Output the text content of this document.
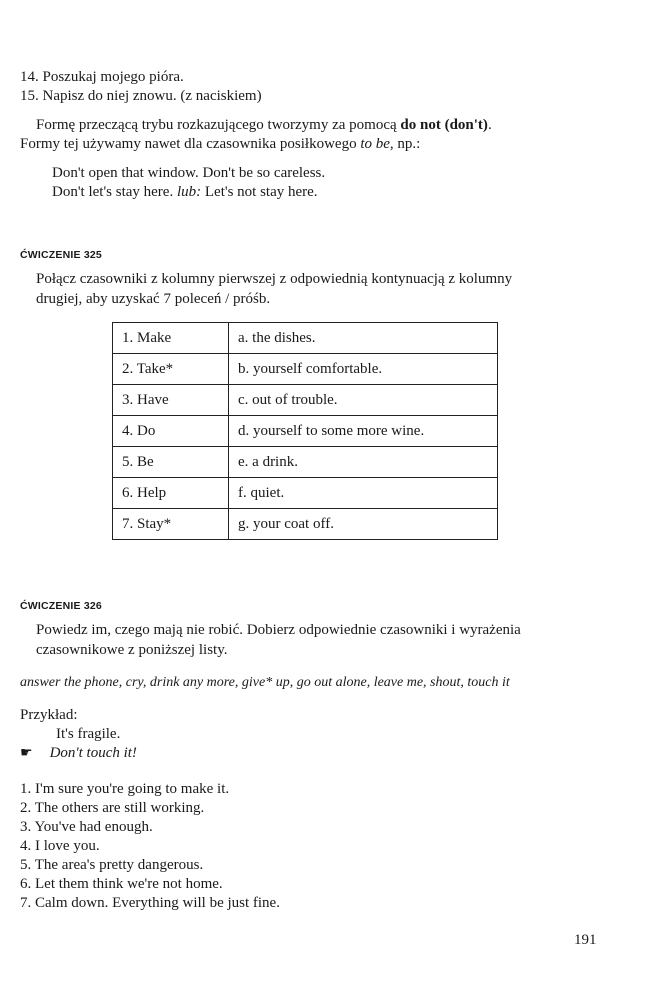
14. Poszukaj mojego pióra.
15. Napisz do niej znowu. (z naciskiem)
Formę przeczącą trybu rozkazującego tworzymy za pomocą do not (don't).
Formy tej używamy nawet dla czasownika posiłkowego to be, np.:
Don't open that window. Don't be so careless.
Don't let's stay here. lub: Let's not stay here.
ĆWICZENIE 325
Połącz czasowniki z kolumny pierwszej z odpowiednią kontynuacją z kolumny
drugiej, aby uzyskać 7 poleceń / próśb.
1. Make	a. the dishes.
2. Take*	b. yourself comfortable.
3. Have	c. out of trouble.
4. Do	d. yourself to some more wine.
5. Be	e. a drink.
6. Help	f. quiet.
7. Stay*	g. your coat off.
ĆWICZENIE 326
Powiedz im, czego mają nie robić. Dobierz odpowiednie czasowniki i wyrażenia
czasownikowe z poniższej listy.
answer the phone, cry, drink any more, give* up, go out alone, leave me, shout, touch it
Przykład:
It's fragile.
☛ Don't touch it!
1. I'm sure you're going to make it.
2. The others are still working.
3. You've had enough.
4. I love you.
5. The area's pretty dangerous.
6. Let them think we're not home.
7. Calm down. Everything will be just fine.
191
